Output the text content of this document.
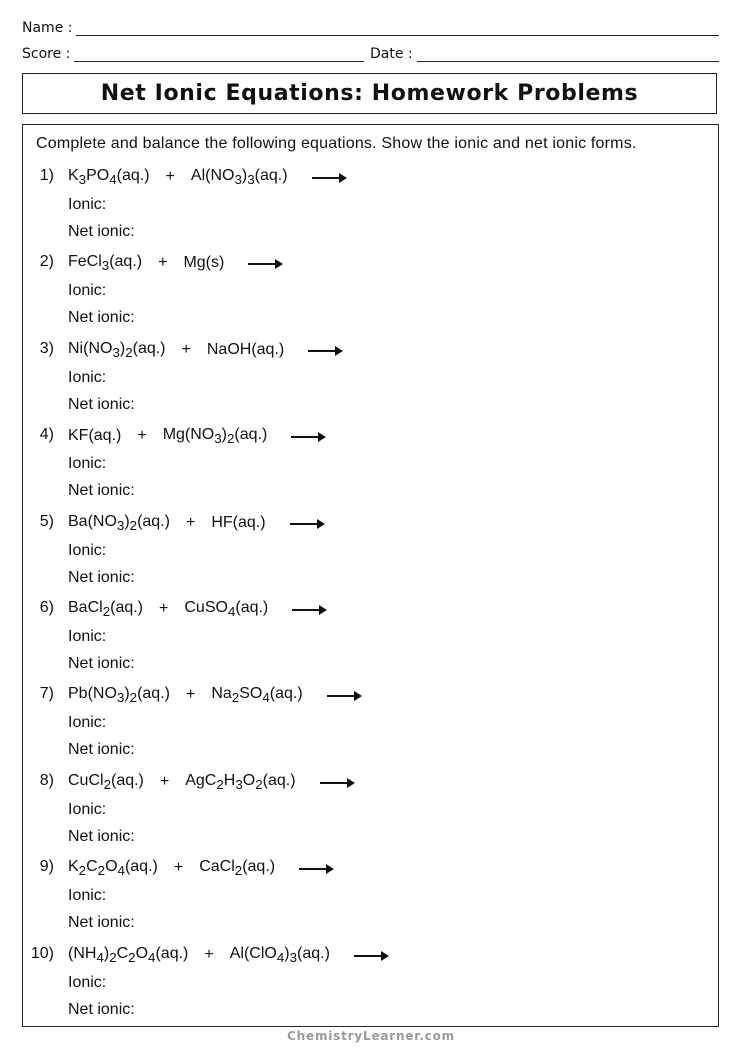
Name :
Score :	Date :
Net Ionic Equations: Homework Problems
Complete and balance the following equations. Show the ionic and net ionic forms.
1) $K_3PO_4(aq.) + Al(NO_3)_3(aq.)$ →
Ionic:
Net ionic:
2) FeCl$_3$(aq.) + Mg(s) →
Ionic:
Net ionic:
3) $Ni(NO_3)_2(aq.)$ + NaOH(aq.) →
Ionic:
Net ionic:
4) $KF(aq.) + Mg(NO_3)_2(aq.)$ →
Ionic:
Net ionic:
5) $Ba(NO_3)_2(aq.) + HF(aq.)$ →
Ionic:
Net ionic:
6) BaCl$_2$(aq.) + CuSO$_4$(aq.) →
Ionic:
Net ionic:
7) $Pb(NO_3)_2(aq.) + Na_2SO_4(aq.)$ →
Ionic:
Net ionic:
8) CuCl$_2$(aq.) + $AgC_2H_3O_2(aq.)$ →
Ionic:
Net ionic:
9) $K_2C_2O_4(aq.)$ + CaCl$_2$(aq.) →
Ionic:
Net ionic:
10) $(NH_4)_2C_2O_4(aq.) + Al(ClO_4)_3(aq.)$ →
Ionic:
Net ionic:
ChemistryLearner.com
